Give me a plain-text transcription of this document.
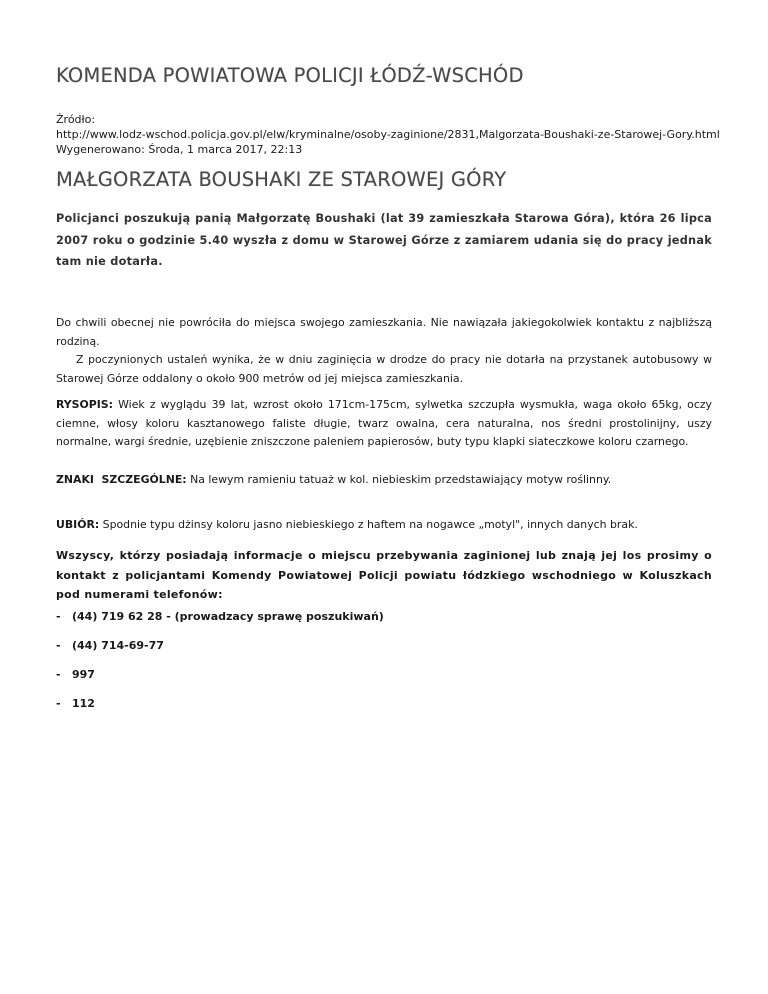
KOMENDA POWIATOWA POLICJI ŁÓDŹ-WSCHÓD
Źródło:
http://www.lodz-wschod.policja.gov.pl/elw/kryminalne/osoby-zaginione/2831,Malgorzata-Boushaki-ze-Starowej-Gory.html
Wygenerowano: Środa, 1 marca 2017, 22:13
MAŁGORZATA BOUSHAKI ZE STAROWEJ GÓRY

Policjanci poszukują panią Małgorzatę Boushaki (lat 39 zamieszkała Starowa Góra), która 26 lipca 2007 roku o godzinie 5.40 wyszła z domu w Starowej Górze z zamiarem udania się do pracy jednak tam nie dotarła.

Do chwili obecnej nie powróciła do miejsca swojego zamieszkania. Nie nawiązała jakiegokolwiek kontaktu z najbliższą rodziną.

Z poczynionych ustaleń wynika, że w dniu zaginięcia w drodze do pracy nie dotarła na przystanek autobusowy w Starowej Górze oddalony o około 900 metrów od jej miejsca zamieszkania.

RYSOPIS: Wiek z wyglądu 39 lat, wzrost około 171cm-175cm, sylwetka szczupła wysmukła, waga około 65kg, oczy ciemne, włosy koloru kasztanowego faliste długie, twarz owalna, cera naturalna, nos średni prostolinijny, uszy normalne, wargi średnie, uzębienie zniszczone paleniem papierosów, buty typu klapki siateczkowe koloru czarnego.

ZNAKI  SZCZEGÓLNE: Na lewym ramieniu tatuaż w kol. niebieskim przedstawiający motyw roślinny.

UBIÓR: Spodnie typu dżinsy koloru jasno niebieskiego z haftem na nogawce „motyl", innych danych brak.

Wszyscy, którzy posiadają informacje o miejscu przebywania zaginionej lub znają jej los prosimy o kontakt z policjantami Komendy Powiatowej Policji powiatu łódzkiego wschodniego w Koluszkach pod numerami telefonów:

- (44) 719 62 28 - (prowadzacy sprawę poszukiwań)
- (44) 714-69-77
- 997
- 112
